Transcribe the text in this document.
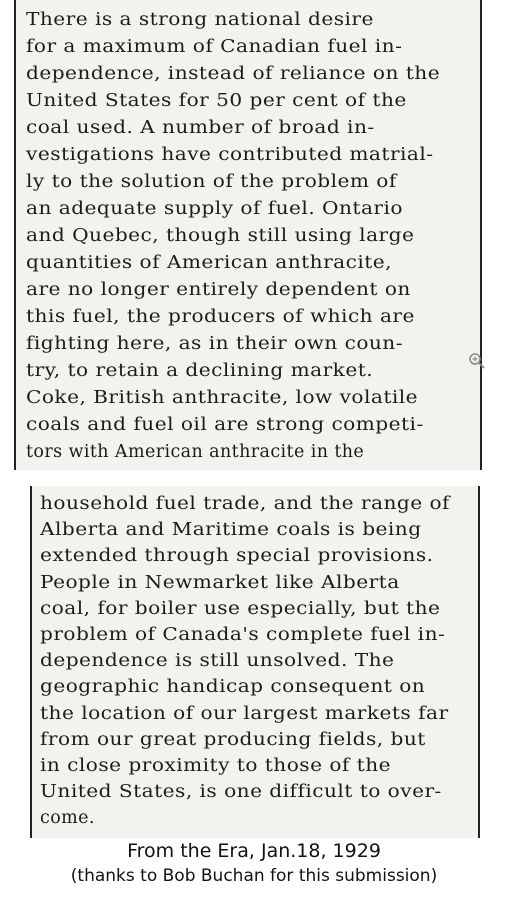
There is a strong national desire
for a maximum of Canadian fuel in-
dependence, instead of reliance on the
United States for 50 per cent of the
coal used. A number of broad in-
vestigations have contributed matrial-
ly to the solution of the problem of
an adequate supply of fuel. Ontario
and Quebec, though still using large
quantities of American anthracite,
are no longer entirely dependent on
this fuel, the producers of which are
fighting here, as in their own coun-
try, to retain a declining market.
Coke, British anthracite, low volatile
coals and fuel oil are strong competi-
tors with American anthracite in the
household fuel trade, and the range of
Alberta and Maritime coals is being
extended through special provisions.
People in Newmarket like Alberta
coal, for boiler use especially, but the
problem of Canada's complete fuel in-
dependence is still unsolved. The
geographic handicap consequent on
the location of our largest markets far
from our great producing fields, but
in close proximity to those of the
United States, is one difficult to over-
come.
From the Era, Jan.18, 1929
(thanks to Bob Buchan for this submission)
